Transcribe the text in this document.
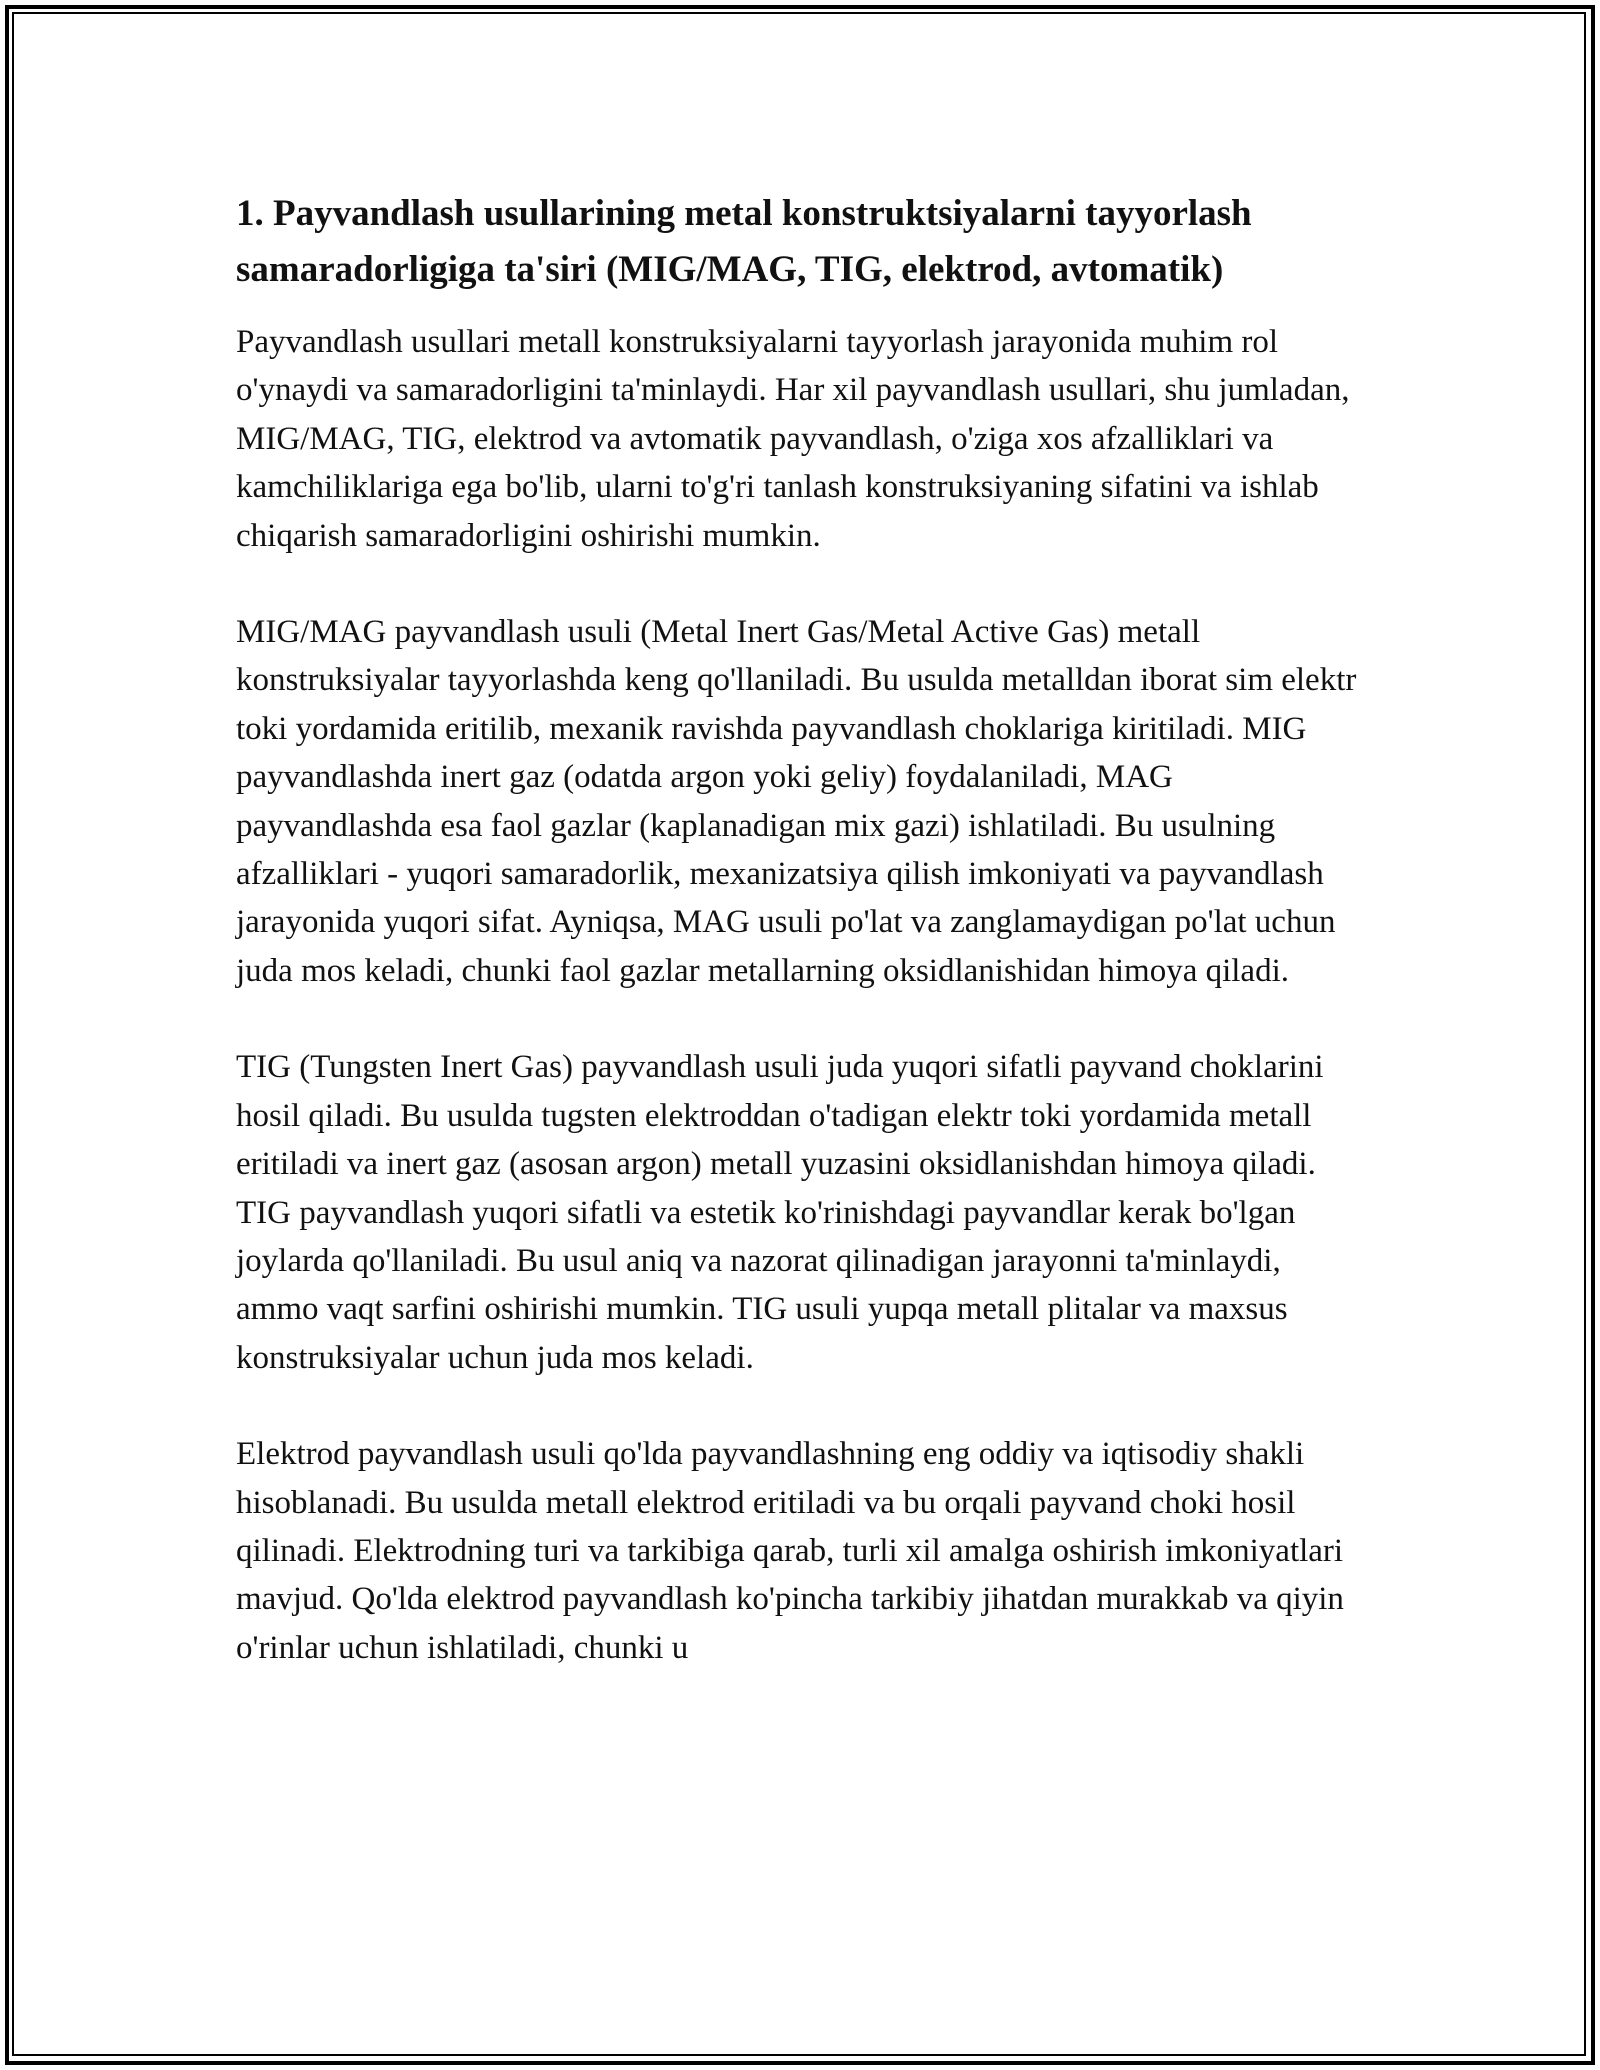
1. Payvandlash usullarining metal konstruktsiyalarni tayyorlash samaradorligiga ta'siri (MIG/MAG, TIG, elektrod, avtomatik)

Payvandlash usullari metall konstruksiyalarni tayyorlash jarayonida muhim rol o'ynaydi va samaradorligini ta'minlaydi. Har xil payvandlash usullari, shu jumladan, MIG/MAG, TIG, elektrod va avtomatik payvandlash, o'ziga xos afzalliklari va kamchiliklariga ega bo'lib, ularni to'g'ri tanlash konstruksiyaning sifatini va ishlab chiqarish samaradorligini oshirishi mumkin.

MIG/MAG payvandlash usuli (Metal Inert Gas/Metal Active Gas) metall konstruksiyalar tayyorlashda keng qo'llaniladi. Bu usulda metalldan iborat sim elektr toki yordamida eritilib, mexanik ravishda payvandlash choklariga kiritiladi. MIG payvandlashda inert gaz (odatda argon yoki geliy) foydalaniladi, MAG payvandlashda esa faol gazlar (kaplanadigan mix gazi) ishlatiladi. Bu usulning afzalliklari - yuqori samaradorlik, mexanizatsiya qilish imkoniyati va payvandlash jarayonida yuqori sifat. Ayniqsa, MAG usuli po'lat va zanglamaydigan po'lat uchun juda mos keladi, chunki faol gazlar metallarning oksidlanishidan himoya qiladi.

TIG (Tungsten Inert Gas) payvandlash usuli juda yuqori sifatli payvand choklarini hosil qiladi. Bu usulda tugsten elektroddan o'tadigan elektr toki yordamida metall eritiladi va inert gaz (asosan argon) metall yuzasini oksidlanishdan himoya qiladi. TIG payvandlash yuqori sifatli va estetik ko'rinishdagi payvandlar kerak bo'lgan joylarda qo'llaniladi. Bu usul aniq va nazorat qilinadigan jarayonni ta'minlaydi, ammo vaqt sarfini oshirishi mumkin. TIG usuli yupqa metall plitalar va maxsus konstruksiyalar uchun juda mos keladi.

Elektrod payvandlash usuli qo'lda payvandlashning eng oddiy va iqtisodiy shakli hisoblanadi. Bu usulda metall elektrod eritiladi va bu orqali payvand choki hosil qilinadi. Elektrodning turi va tarkibiga qarab, turli xil amalga oshirish imkoniyatlari mavjud. Qo'lda elektrod payvandlash ko'pincha tarkibiy jihatdan murakkab va qiyin o'rinlar uchun ishlatiladi, chunki u
